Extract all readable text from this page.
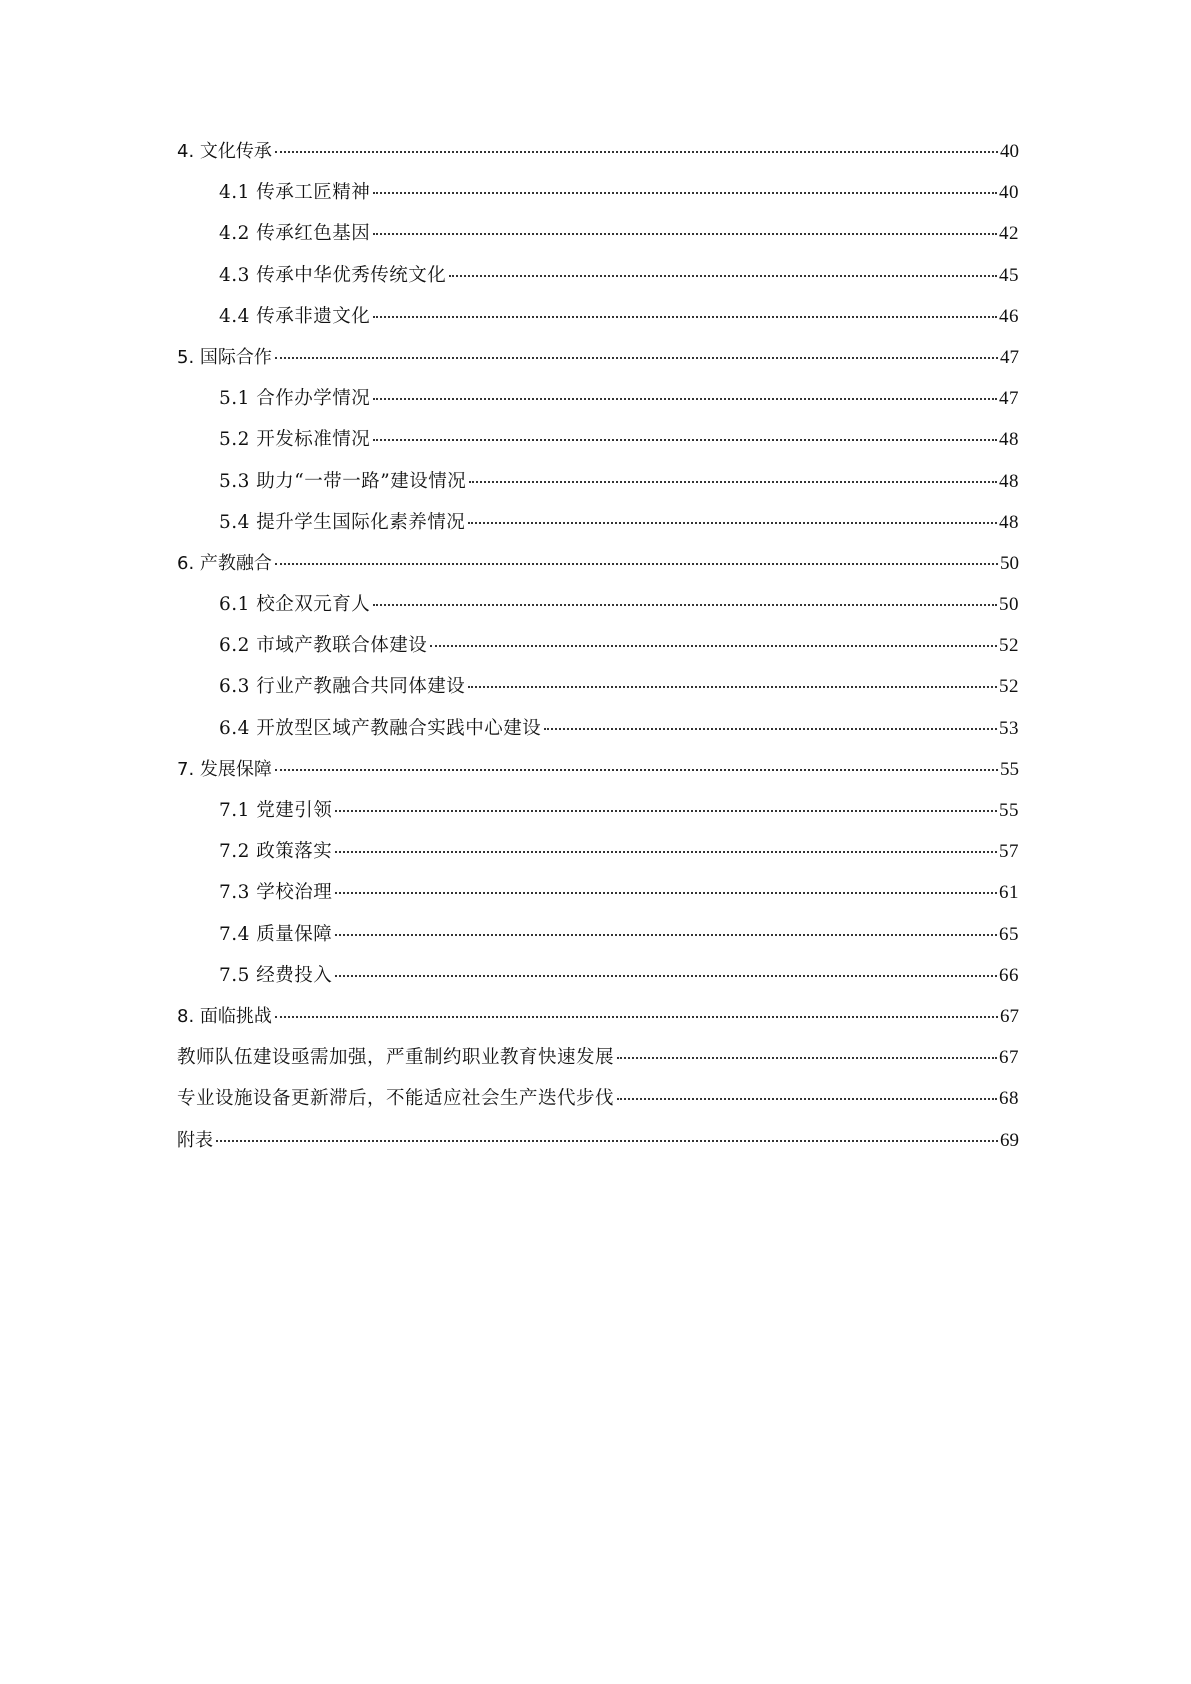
4. 文化传承	40
4.1 传承工匠精神	40
4.2 传承红色基因	42
4.3 传承中华优秀传统文化	45
4.4 传承非遗文化	46
5. 国际合作	47
5.1 合作办学情况	47
5.2 开发标准情况	48
5.3 助力“一带一路”建设情况	48
5.4 提升学生国际化素养情况	48
6. 产教融合	50
6.1 校企双元育人	50
6.2 市域产教联合体建设	52
6.3 行业产教融合共同体建设	52
6.4 开放型区域产教融合实践中心建设	53
7. 发展保障	55
7.1 党建引领	55
7.2 政策落实	57
7.3 学校治理	61
7.4 质量保障	65
7.5 经费投入	66
8. 面临挑战	67
教师队伍建设亟需加强，严重制约职业教育快速发展	67
专业设施设备更新滞后，不能适应社会生产迭代步伐	68
附表	69
